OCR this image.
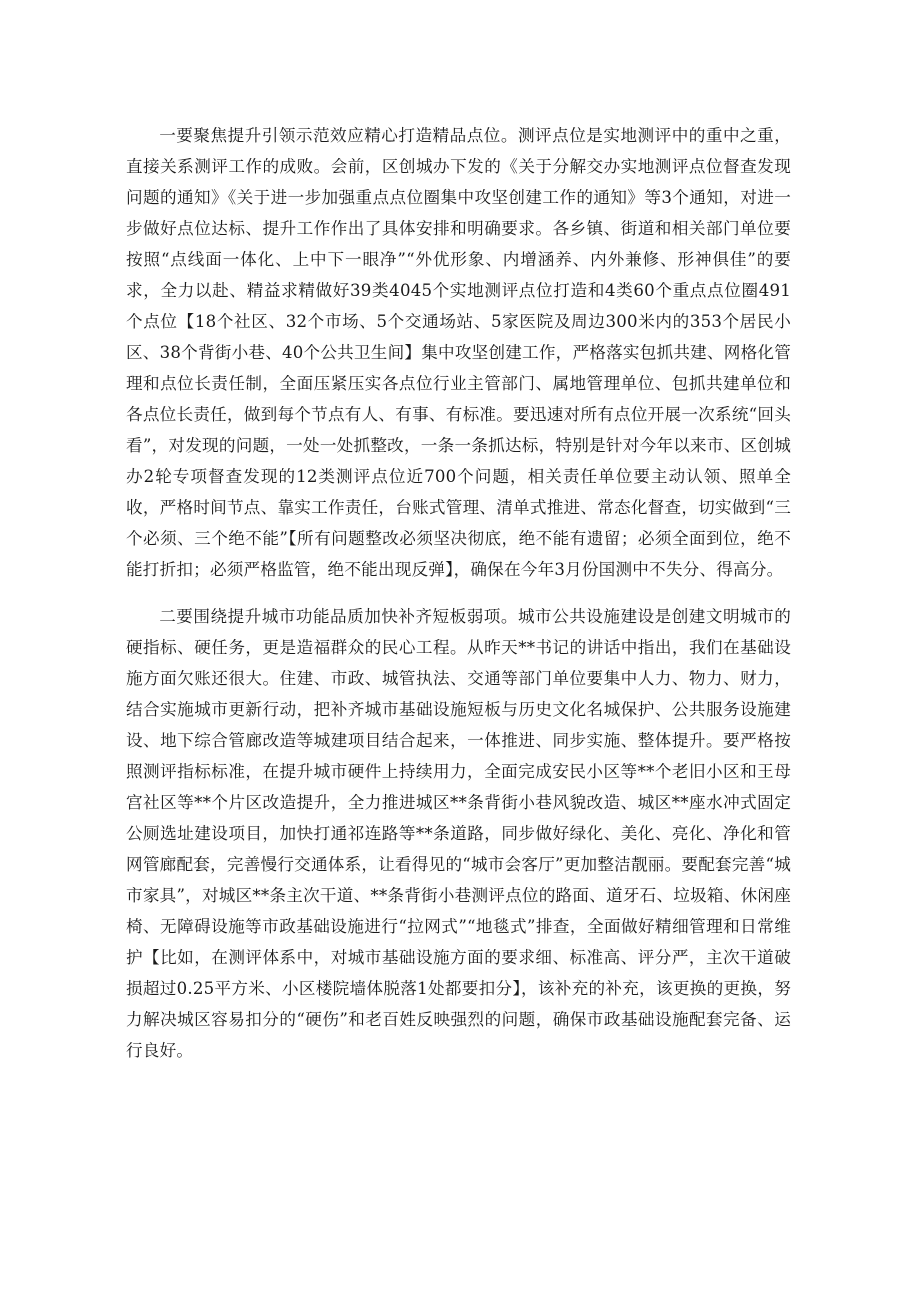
一要聚焦提升引领示范效应精心打造精品点位。测评点位是实地测评中的重中之重，直接关系测评工作的成败。会前，区创城办下发的《关于分解交办实地测评点位督查发现问题的通知》《关于进一步加强重点点位圈集中攻坚创建工作的通知》等3个通知，对进一步做好点位达标、提升工作作出了具体安排和明确要求。各乡镇、街道和相关部门单位要按照“点线面一体化、上中下一眼净”“外优形象、内增涵养、内外兼修、形神俱佳”的要求，全力以赴、精益求精做好39类4045个实地测评点位打造和4类60个重点点位圈491个点位【18个社区、32个市场、5个交通场站、5家医院及周边300米内的353个居民小区、38个背街小巷、40个公共卫生间】集中攻坚创建工作，严格落实包抓共建、网格化管理和点位长责任制，全面压紧压实各点位行业主管部门、属地管理单位、包抓共建单位和各点位长责任，做到每个节点有人、有事、有标准。要迅速对所有点位开展一次系统“回头看”，对发现的问题，一处一处抓整改，一条一条抓达标，特别是针对今年以来市、区创城办2轮专项督查发现的12类测评点位近700个问题，相关责任单位要主动认领、照单全收，严格时间节点、靠实工作责任，台账式管理、清单式推进、常态化督查，切实做到“三个必须、三个绝不能”【所有问题整改必须坚决彻底，绝不能有遗留；必须全面到位，绝不能打折扣；必须严格监管，绝不能出现反弹】，确保在今年3月份国测中不失分、得高分。

二要围绕提升城市功能品质加快补齐短板弱项。城市公共设施建设是创建文明城市的硬指标、硬任务，更是造福群众的民心工程。从昨天**书记的讲话中指出，我们在基础设施方面欠账还很大。住建、市政、城管执法、交通等部门单位要集中人力、物力、财力，结合实施城市更新行动，把补齐城市基础设施短板与历史文化名城保护、公共服务设施建设、地下综合管廊改造等城建项目结合起来，一体推进、同步实施、整体提升。要严格按照测评指标标准，在提升城市硬件上持续用力，全面完成安民小区等**个老旧小区和王母宫社区等**个片区改造提升，全力推进城区**条背街小巷风貌改造、城区**座水冲式固定公厕选址建设项目，加快打通祁连路等**条道路，同步做好绿化、美化、亮化、净化和管网管廊配套，完善慢行交通体系，让看得见的“城市会客厅”更加整洁靓丽。要配套完善“城市家具”，对城区**条主次干道、**条背街小巷测评点位的路面、道牙石、垃圾箱、休闲座椅、无障碍设施等市政基础设施进行“拉网式”“地毯式”排查，全面做好精细管理和日常维护【比如，在测评体系中，对城市基础设施方面的要求细、标准高、评分严，主次干道破损超过0.25平方米、小区楼院墙体脱落1处都要扣分】，该补充的补充，该更换的更换，努力解决城区容易扣分的“硬伤”和老百姓反映强烈的问题，确保市政基础设施配套完备、运行良好。
